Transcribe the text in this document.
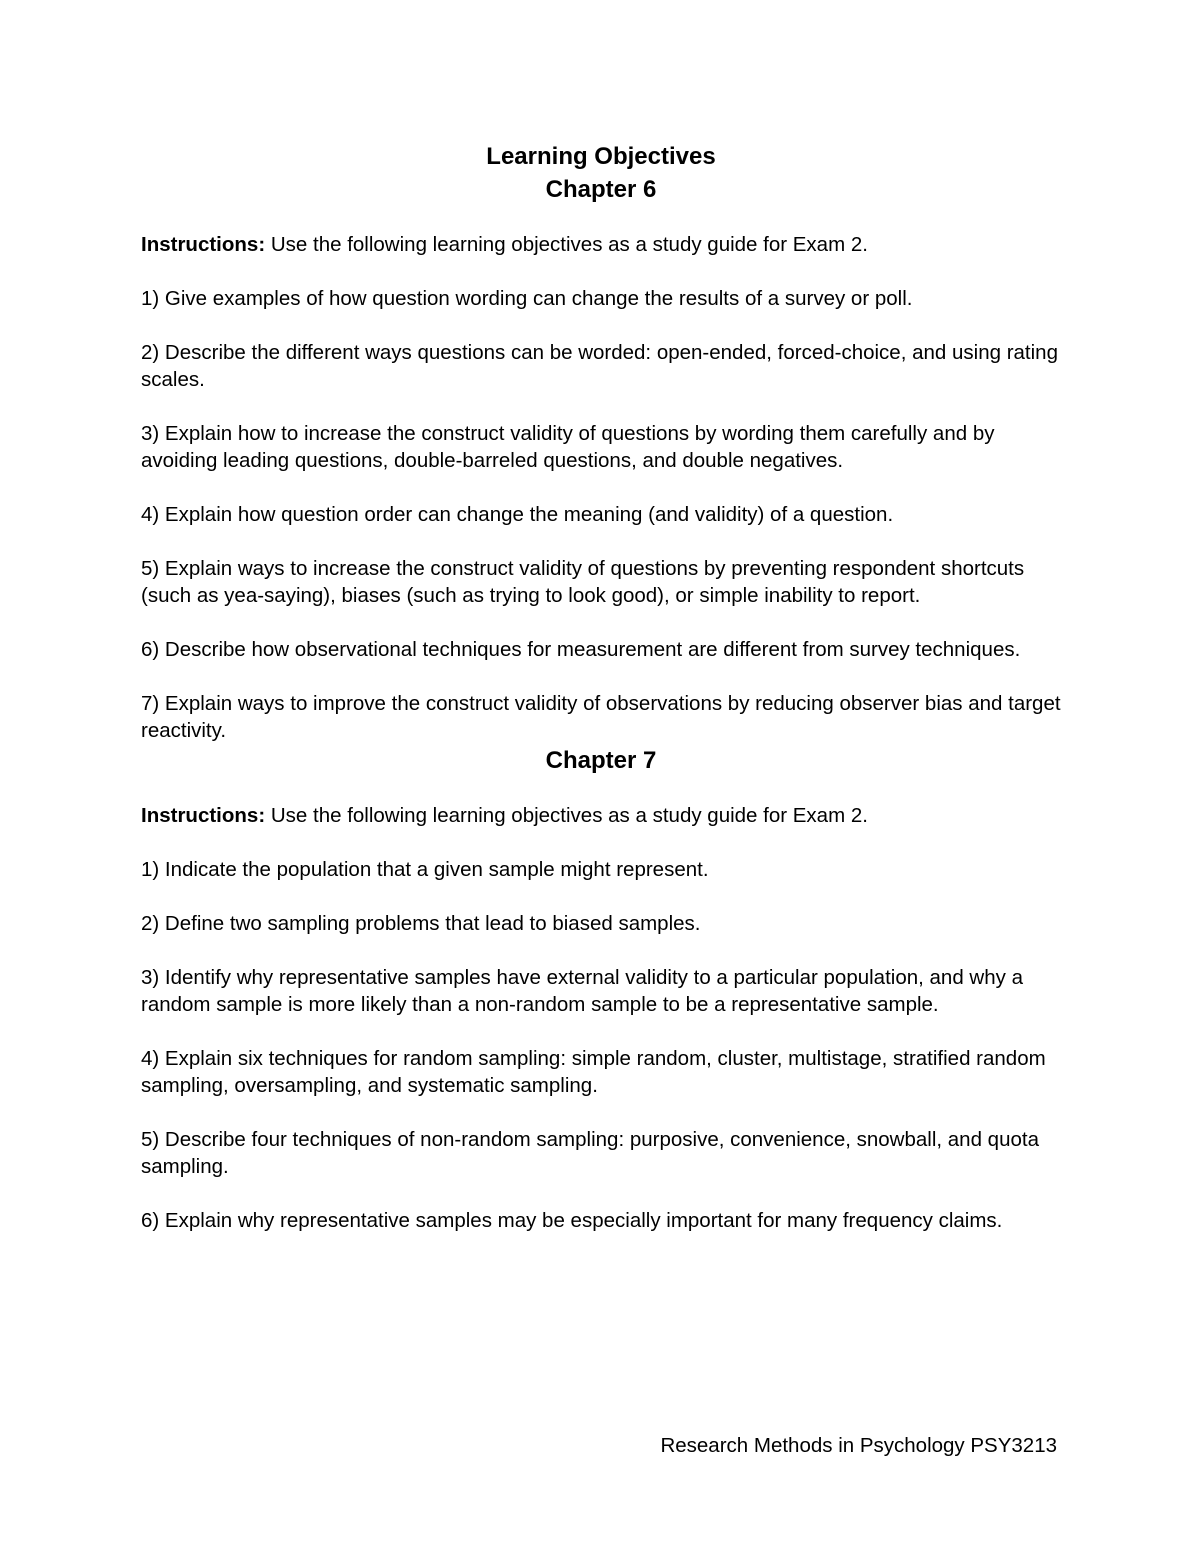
Learning Objectives
Chapter 6

Instructions: Use the following learning objectives as a study guide for Exam 2.

1) Give examples of how question wording can change the results of a survey or poll.
2) Describe the different ways questions can be worded: open-ended, forced-choice, and using rating scales.
3) Explain how to increase the construct validity of questions by wording them carefully and by avoiding leading questions, double-barreled questions, and double negatives.
4) Explain how question order can change the meaning (and validity) of a question.
5) Explain ways to increase the construct validity of questions by preventing respondent shortcuts (such as yea-saying), biases (such as trying to look good), or simple inability to report.
6) Describe how observational techniques for measurement are different from survey techniques.
7) Explain ways to improve the construct validity of observations by reducing observer bias and target reactivity.
Chapter 7

Instructions: Use the following learning objectives as a study guide for Exam 2.

1) Indicate the population that a given sample might represent.
2) Define two sampling problems that lead to biased samples.
3) Identify why representative samples have external validity to a particular population, and why a random sample is more likely than a non-random sample to be a representative sample.
4) Explain six techniques for random sampling: simple random, cluster, multistage, stratified random sampling, oversampling, and systematic sampling.
5) Describe four techniques of non-random sampling: purposive, convenience, snowball, and quota sampling.
6) Explain why representative samples may be especially important for many frequency claims.
Research Methods in Psychology PSY3213
